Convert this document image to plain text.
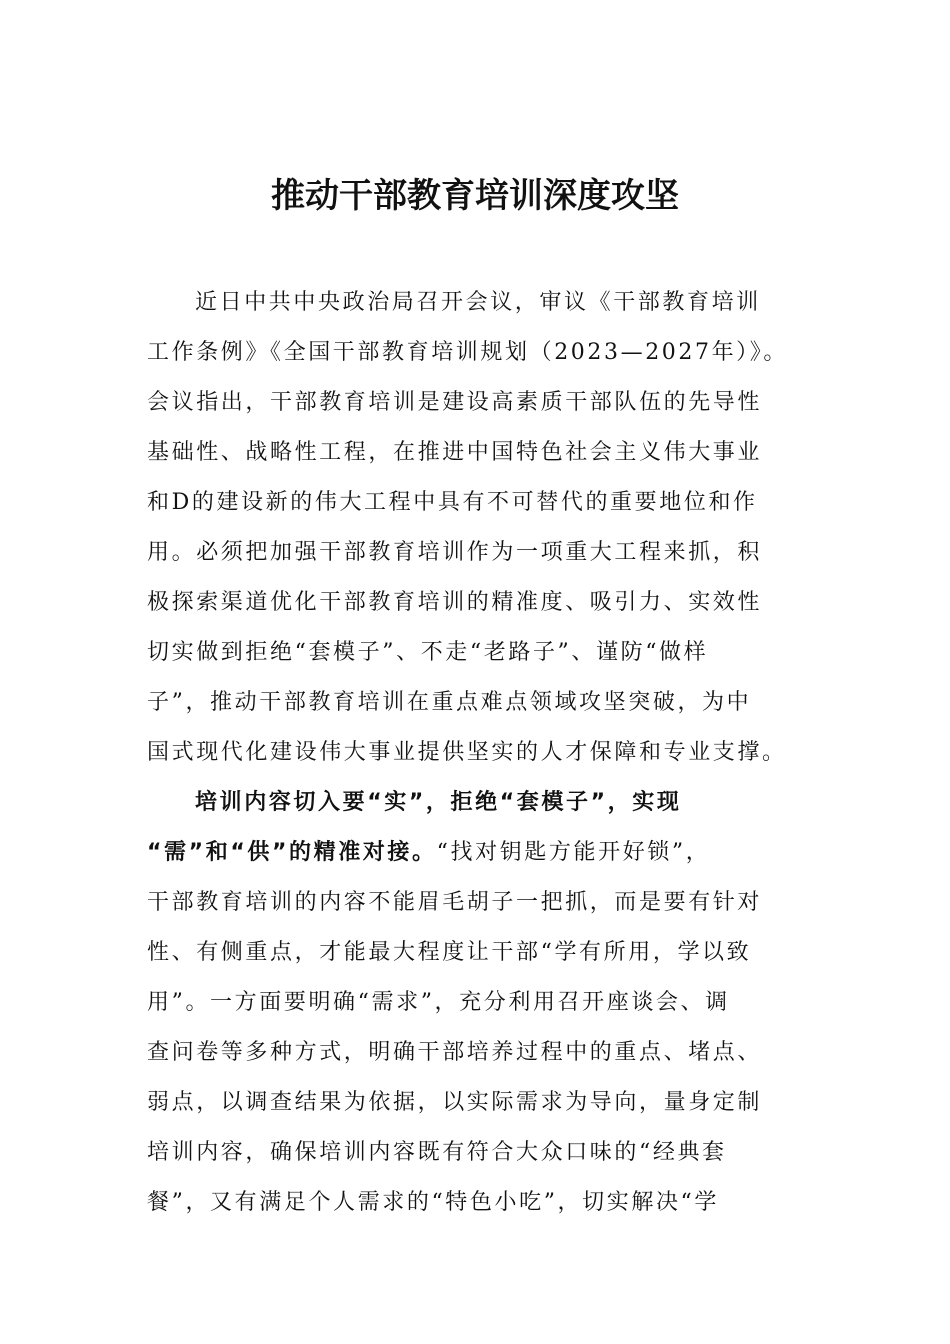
推动干部教育培训深度攻坚
近日中共中央政治局召开会议，审议《干部教育培训
工作条例》《全国干部教育培训规划（2023—2027年）》。
会议指出，干部教育培训是建设高素质干部队伍的先导性
基础性、战略性工程，在推进中国特色社会主义伟大事业
和D的建设新的伟大工程中具有不可替代的重要地位和作
用。必须把加强干部教育培训作为一项重大工程来抓，积
极探索渠道优化干部教育培训的精准度、吸引力、实效性
切实做到拒绝“套模子”、不走“老路子”、谨防“做样
子”，推动干部教育培训在重点难点领域攻坚突破，为中
国式现代化建设伟大事业提供坚实的人才保障和专业支撑。
培训内容切入要“实”，拒绝“套模子”，实现
“需”和“供”的精准对接。“找对钥匙方能开好锁”，
干部教育培训的内容不能眉毛胡子一把抓，而是要有针对
性、有侧重点，才能最大程度让干部“学有所用，学以致
用”。一方面要明确“需求”，充分利用召开座谈会、调
查问卷等多种方式，明确干部培养过程中的重点、堵点、
弱点，以调查结果为依据，以实际需求为导向，量身定制
培训内容，确保培训内容既有符合大众口味的“经典套
餐”，又有满足个人需求的“特色小吃”，切实解决“学
